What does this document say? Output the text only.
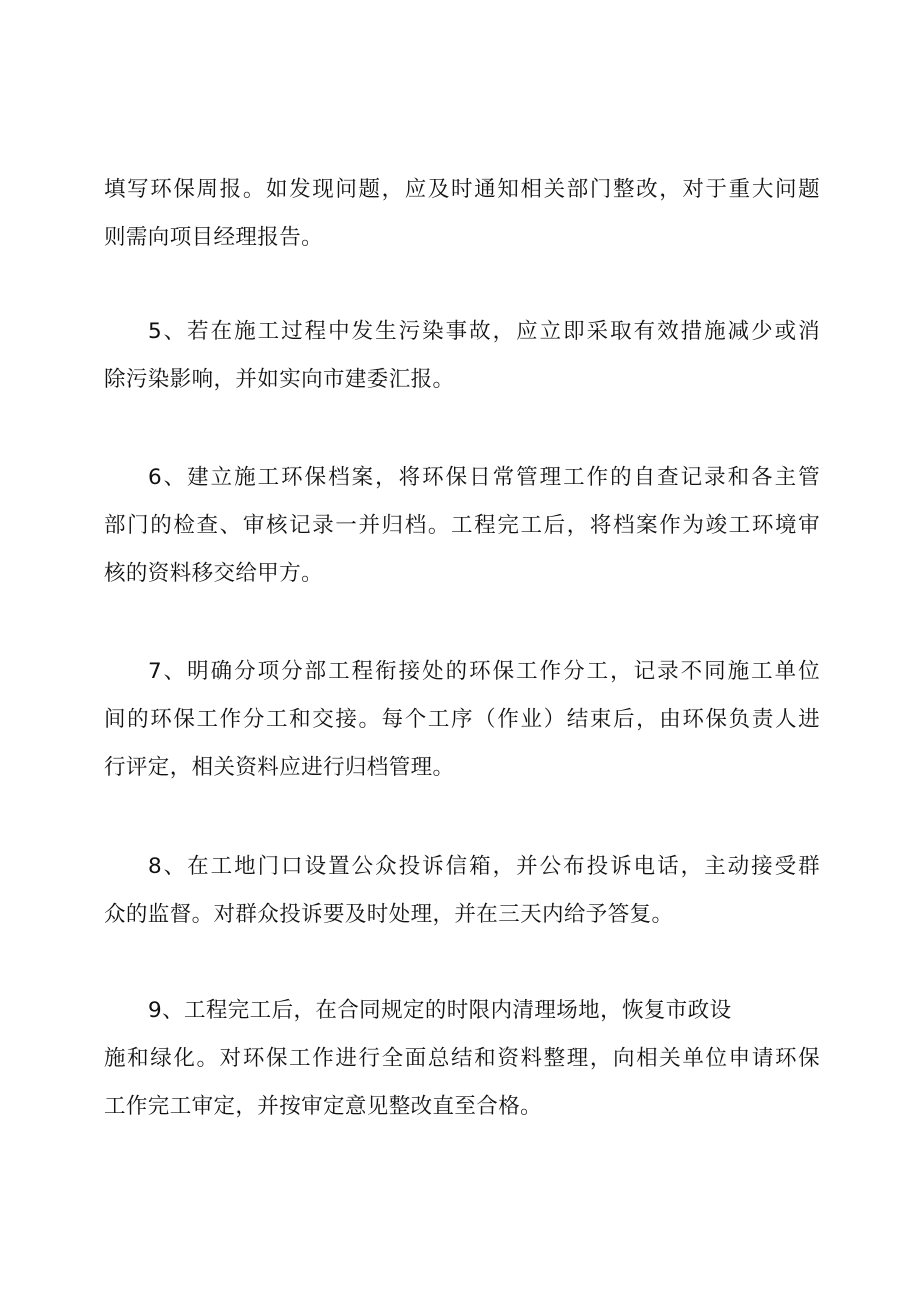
填写环保周报。如发现问题，应及时通知相关部门整改，对于重大问题
则需向项目经理报告。
5、若在施工过程中发生污染事故，应立即采取有效措施减少或消
除污染影响，并如实向市建委汇报。
6、建立施工环保档案，将环保日常管理工作的自查记录和各主管
部门的检查、审核记录一并归档。工程完工后，将档案作为竣工环境审
核的资料移交给甲方。
7、明确分项分部工程衔接处的环保工作分工，记录不同施工单位
间的环保工作分工和交接。每个工序（作业）结束后，由环保负责人进
行评定，相关资料应进行归档管理。
8、在工地门口设置公众投诉信箱，并公布投诉电话，主动接受群
众的监督。对群众投诉要及时处理，并在三天内给予答复。
9、工程完工后，在合同规定的时限内清理场地，恢复市政设
施和绿化。对环保工作进行全面总结和资料整理，向相关单位申请环保
工作完工审定，并按审定意见整改直至合格。
